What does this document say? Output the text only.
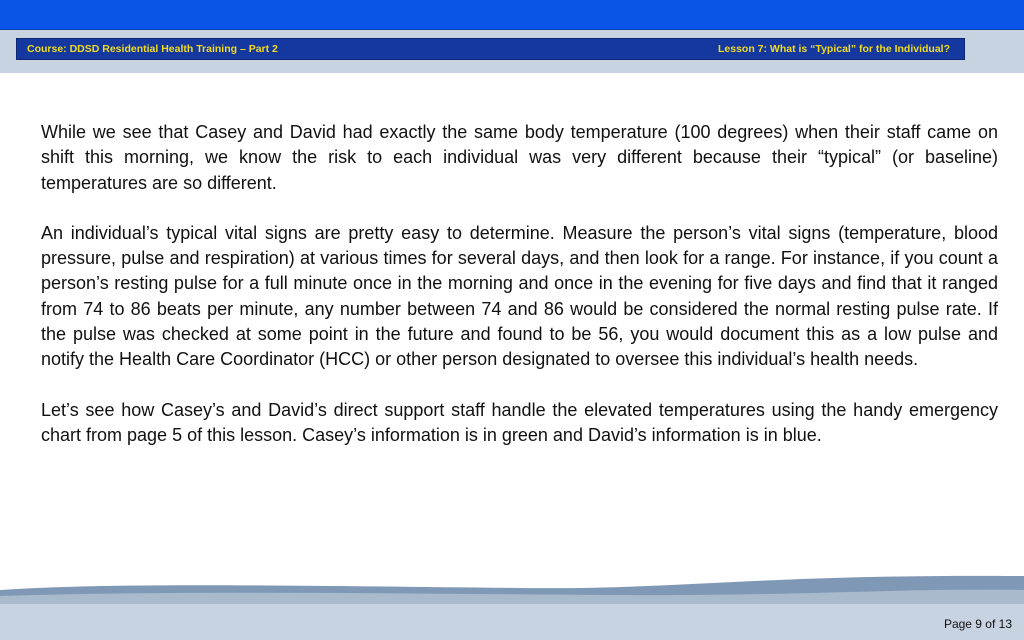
Course: DDSD Residential Health Training – Part 2	Lesson 7: What is “Typical” for the Individual?

While we see that Casey and David had exactly the same body temperature (100 degrees) when their staff came on shift this morning, we know the risk to each individual was very different because their “typical” (or baseline) temperatures are so different.

An individual’s typical vital signs are pretty easy to determine. Measure the person’s vital signs (temperature, blood pressure, pulse and respiration) at various times for several days, and then look for a range. For instance, if you count a person’s resting pulse for a full minute once in the morning and once in the evening for five days and find that it ranged from 74 to 86 beats per minute, any number between 74 and 86 would be considered the normal resting pulse rate. If the pulse was checked at some point in the future and found to be 56, you would document this as a low pulse and notify the Health Care Coordinator (HCC) or other person designated to oversee this individual’s health needs.

Let’s see how Casey’s and David’s direct support staff handle the elevated temperatures using the handy emergency chart from page 5 of this lesson. Casey’s information is in green and David’s information is in blue.

Page 9 of 13
